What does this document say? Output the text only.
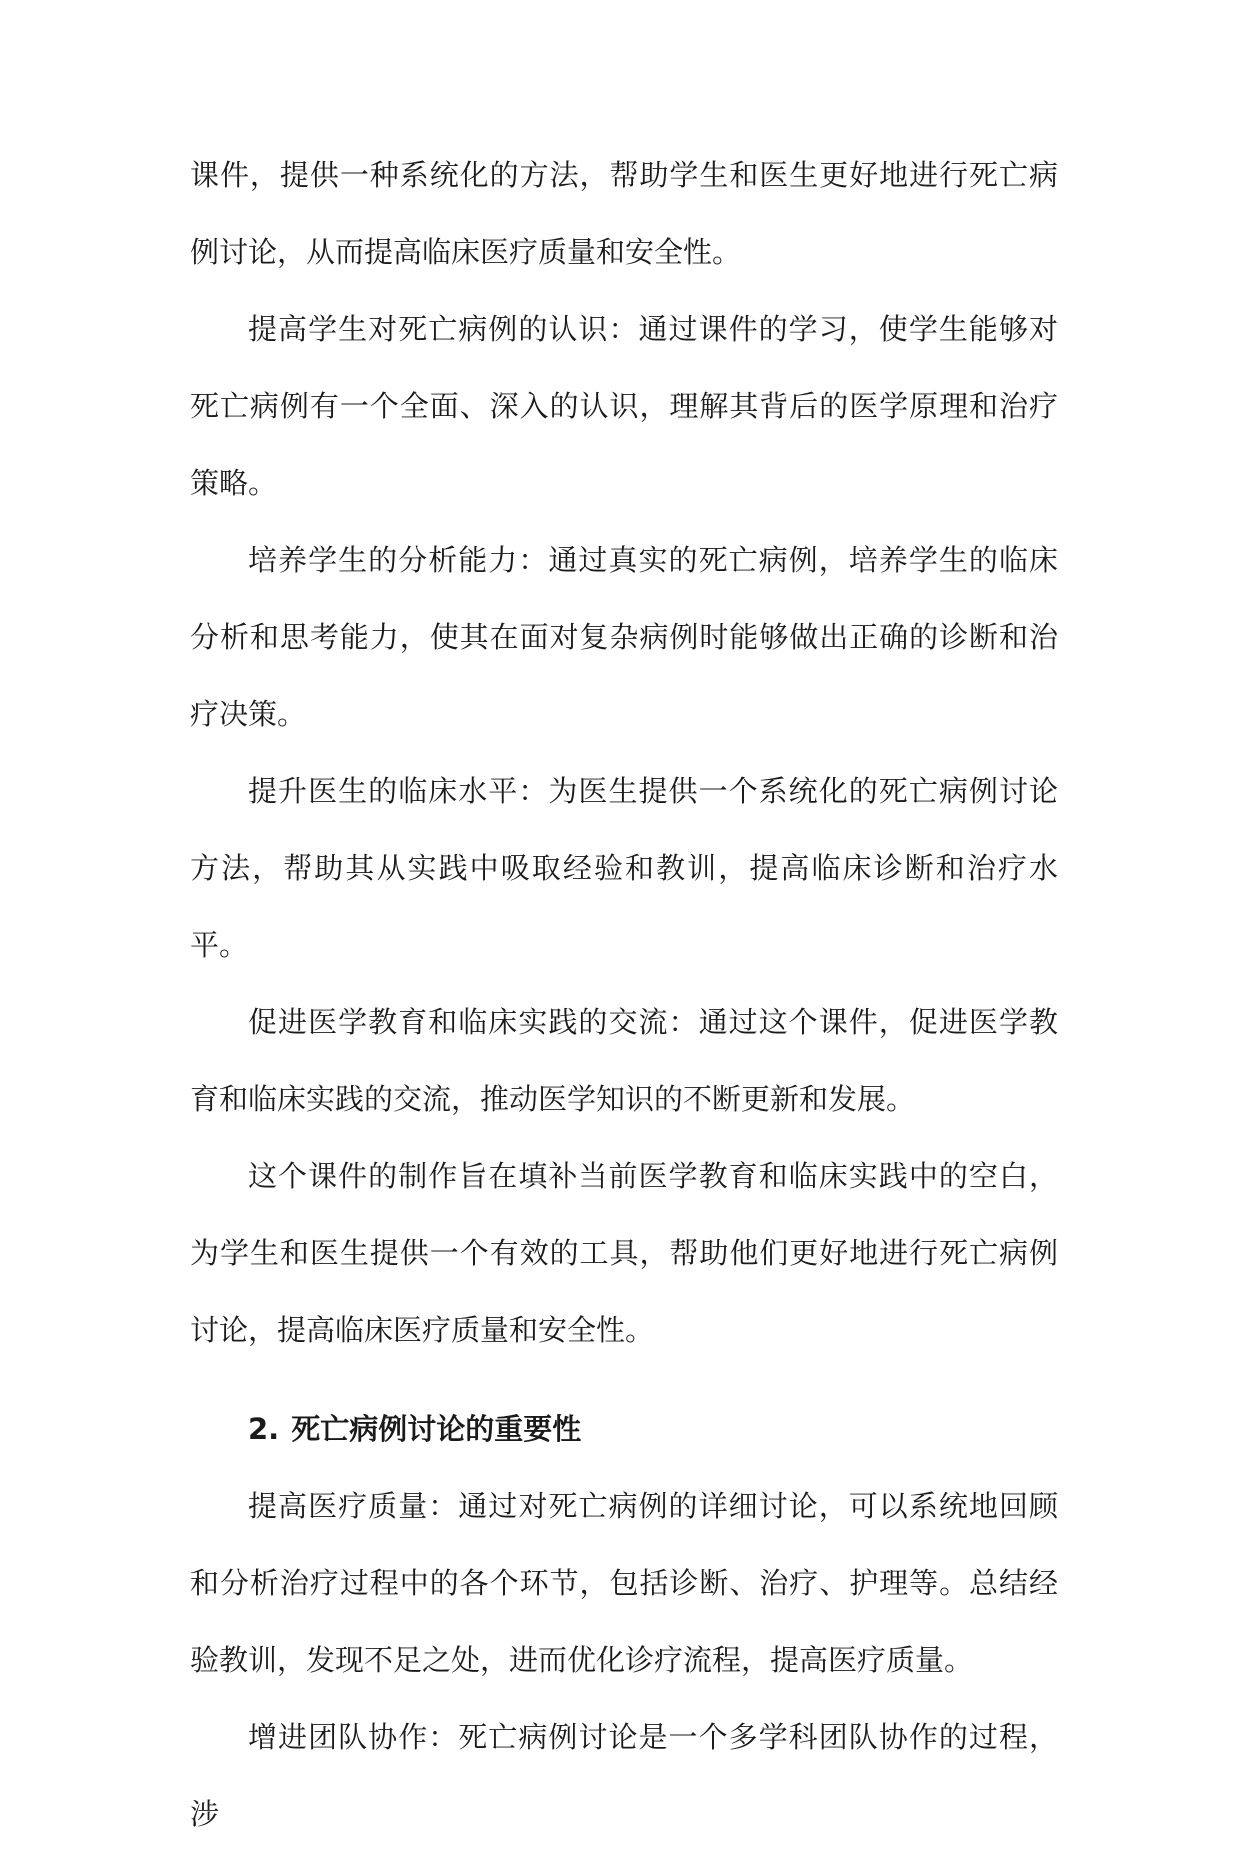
课件，提供一种系统化的方法，帮助学生和医生更好地进行死亡病例讨论，从而提高临床医疗质量和安全性。

提高学生对死亡病例的认识：通过课件的学习，使学生能够对死亡病例有一个全面、深入的认识，理解其背后的医学原理和治疗策略。

培养学生的分析能力：通过真实的死亡病例，培养学生的临床分析和思考能力，使其在面对复杂病例时能够做出正确的诊断和治疗决策。

提升医生的临床水平：为医生提供一个系统化的死亡病例讨论方法，帮助其从实践中吸取经验和教训，提高临床诊断和治疗水平。

促进医学教育和临床实践的交流：通过这个课件，促进医学教育和临床实践的交流，推动医学知识的不断更新和发展。

这个课件的制作旨在填补当前医学教育和临床实践中的空白，为学生和医生提供一个有效的工具，帮助他们更好地进行死亡病例讨论，提高临床医疗质量和安全性。

2. 死亡病例讨论的重要性

提高医疗质量：通过对死亡病例的详细讨论，可以系统地回顾和分析治疗过程中的各个环节，包括诊断、治疗、护理等。总结经验教训，发现不足之处，进而优化诊疗流程，提高医疗质量。

增进团队协作：死亡病例讨论是一个多学科团队协作的过程，涉
